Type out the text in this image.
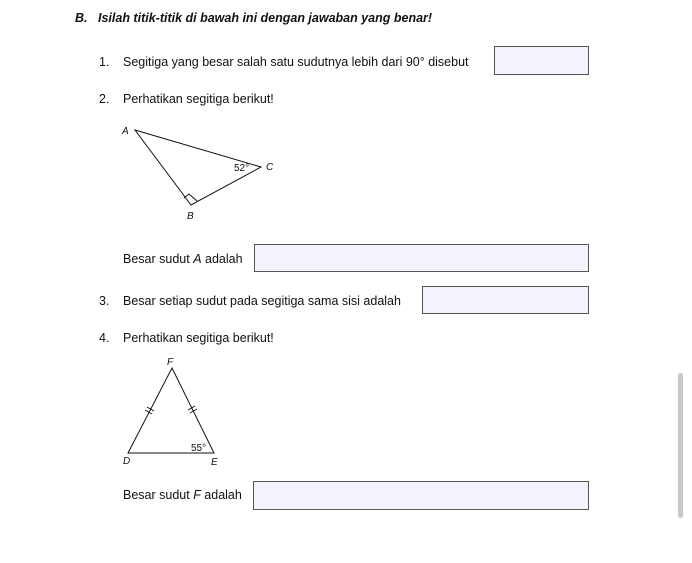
B. Isilah titik-titik di bawah ini dengan jawaban yang benar!
1. Segitiga yang besar salah satu sudutnya lebih dari 90° disebut
2. Perhatikan segitiga berikut!
A
B
C
52°
F
D	E
55°
Besar sudut A adalah
3. Besar setiap sudut pada segitiga sama sisi adalah
4. Perhatikan segitiga berikut!
Besar sudut F adalah
